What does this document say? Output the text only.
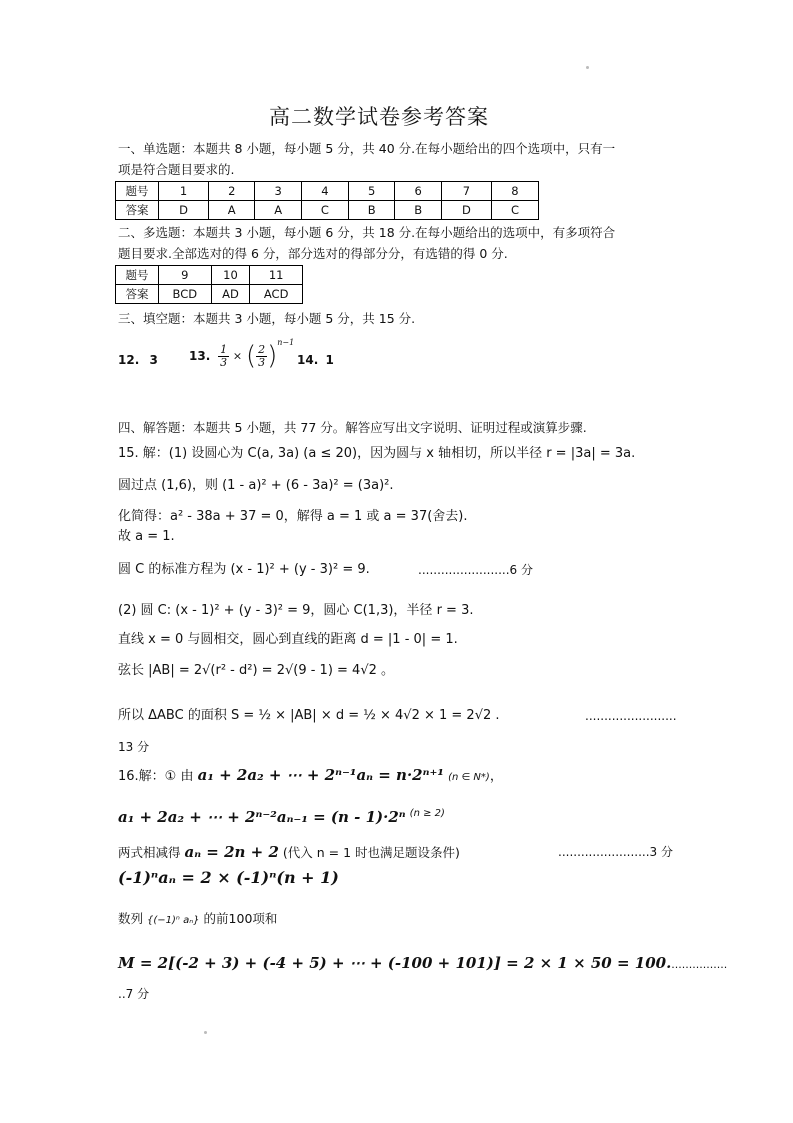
高二数学试卷参考答案
一、单选题：本题共 8 小题，每小题 5 分，共 40 分.在每小题给出的四个选项中，只有一
项是符合题目要求的.
题号	1	2	3	4	5	6	7	8
答案	D	A	A	C	B	B	D	C
二、多选题：本题共 3 小题，每小题 6 分，共 18 分.在每小题给出的选项中，有多项符合
题目要求.全部选对的得 6 分，部分选对的得部分分，有选错的得 0 分.
题号	9	10	11
答案	BCD	AD	ACD
三、填空题：本题共 3 小题，每小题 5 分，共 15 分.
12. 3	13. $\frac{1}{3}$ × ( $\frac{2}{3} )^{n-1}$
14. 1
四、解答题：本题共 5 小题，共 77 分。解答应写出文字说明、证明过程或演算步骤.
15. 解：(1) 设圆心为 C(a, 3a) (a ≤ 20)，因为圆与 x 轴相切，所以半径 r = |3a| = 3a.
圆过点 (1,6)，则 (1 - a)² + (6 - 3a)² = (3a)².
化简得：a² - 38a + 37 = 0，解得 a = 1 或 a = 37(舍去).
故 a = 1.
圆 C 的标准方程为 (x - 1)² + (y - 3)² = 9.	........................6 分
(2) 圆 C: (x - 1)² + (y - 3)² = 9，圆心 C(1,3)，半径 r = 3.
直线 x = 0 与圆相交，圆心到直线的距离 d = |1 - 0| = 1.
弦长 |AB| = 2√(r² - d²) = 2√(9 - 1) = 4√2 。
所以 ΔABC 的面积 S = ½ × |AB| × d = ½ × 4√2 × 1 = 2√2 .	........................
13 分
16.解：① 由 a₁ + 2a₂ + ⋯ + 2ⁿ⁻¹aₙ = n·2ⁿ⁺¹ (n ∈ N*)，
a₁ + 2a₂ + ⋯ + 2ⁿ⁻²aₙ₋₁ = (n - 1)·2ⁿ $^{(n \ge 2)}$
两式相减得 aₙ = 2n + 2 (代入 n = 1 时也满足题设条件)	........................3 分
(-1)ⁿaₙ = 2 × (-1)ⁿ(n + 1)
数列 {(−1)ⁿ aₙ} 的前100项和
M = 2[(-2 + 3) + (-4 + 5) + ⋯ + (-100 + 101)] = 2 × 1 × 50 = 100.................
..7 分
